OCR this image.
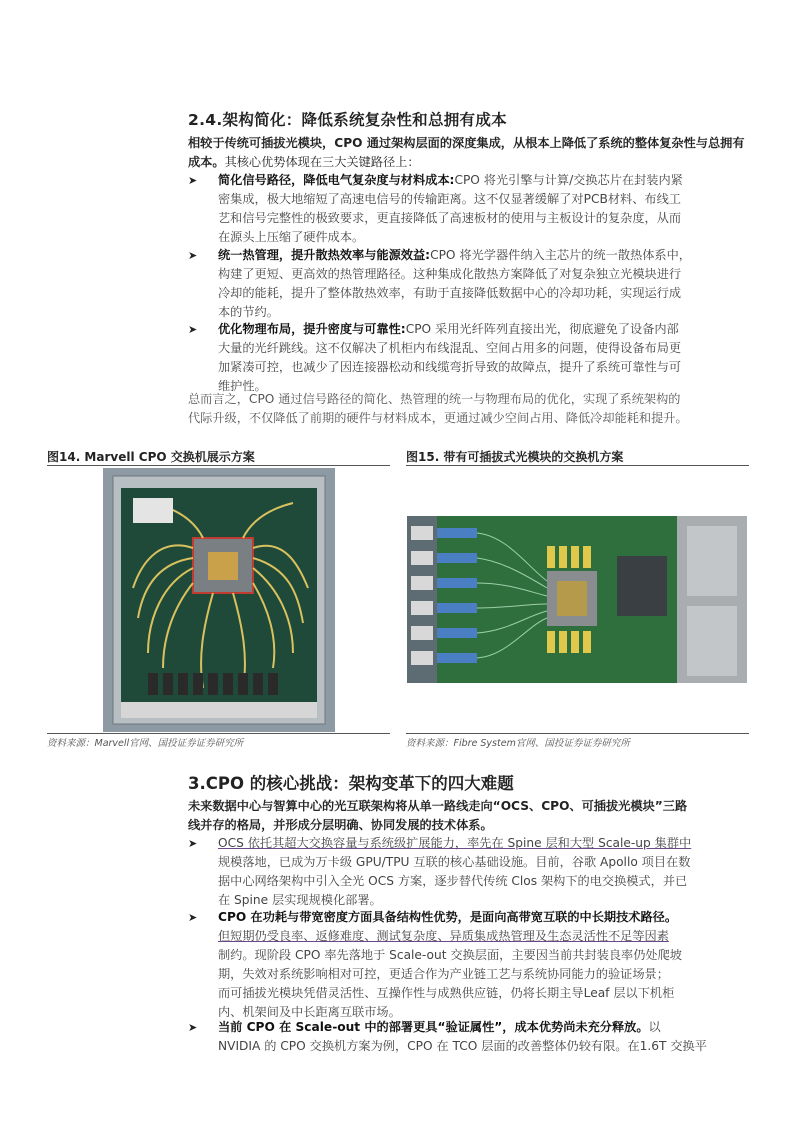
2.4.架构简化：降低系统复杂性和总拥有成本
相较于传统可插拔光模块，CPO 通过架构层面的深度集成，从根本上降低了系统的整体复杂性与总拥有成本。其核心优势体现在三大关键路径上：
➤	简化信号路径，降低电气复杂度与材料成本:CPO 将光引擎与计算/交换芯片在封装内紧
密集成，极大地缩短了高速电信号的传输距离。这不仅显著缓解了对PCB材料、布线工
艺和信号完整性的极致要求，更直接降低了高速板材的使用与主板设计的复杂度，从而
在源头上压缩了硬件成本。
➤	统一热管理，提升散热效率与能源效益:CPO 将光学器件纳入主芯片的统一散热体系中，
构建了更短、更高效的热管理路径。这种集成化散热方案降低了对复杂独立光模块进行
冷却的能耗，提升了整体散热效率，有助于直接降低数据中心的冷却功耗，实现运行成
本的节约。
➤	优化物理布局，提升密度与可靠性:CPO 采用光纤阵列直接出光，彻底避免了设备内部
大量的光纤跳线。这不仅解决了机柜内布线混乱、空间占用多的问题，使得设备布局更
加紧凑可控，也减少了因连接器松动和线缆弯折导致的故障点，提升了系统可靠性与可
维护性。
总而言之，CPO 通过信号路径的简化、热管理的统一与物理布局的优化，实现了系统架构的
代际升级，不仅降低了前期的硬件与材料成本，更通过减少空间占用、降低冷却能耗和提升。
图14. Marvell CPO 交换机展示方案
资料来源：Marvell官网、国投证券证券研究所
图15. 带有可插拔式光模块的交换机方案
资料来源：Fibre System官网、国投证券证券研究所
3.CPO 的核心挑战：架构变革下的四大难题
未来数据中心与智算中心的光互联架构将从单一路线走向“OCS、CPO、可插拔光模块”三路
线并存的格局，并形成分层明确、协同发展的技术体系。
➤	OCS 依托其超大交换容量与系统级扩展能力，率先在 Spine 层和大型 Scale-up 集群中
规模落地，已成为万卡级 GPU/TPU 互联的核心基础设施。目前，谷歌 Apollo 项目在数
据中心网络架构中引入全光 OCS 方案，逐步替代传统 Clos 架构下的电交换模式，并已
在 Spine 层实现规模化部署。
➤	CPO 在功耗与带宽密度方面具备结构性优势，是面向高带宽互联的中长期技术路径。
但短期仍受良率、返修难度、测试复杂度、异质集成热管理及生态灵活性不足等因素
制约。现阶段 CPO 率先落地于 Scale-out 交换层面，主要因当前共封装良率仍处爬坡
期，失效对系统影响相对可控，更适合作为产业链工艺与系统协同能力的验证场景；
而可插拔光模块凭借灵活性、互操作性与成熟供应链，仍将长期主导Leaf 层以下机柜
内、机架间及中长距离互联市场。
➤	当前 CPO 在 Scale-out 中的部署更具“验证属性”，成本优势尚未充分释放。以
NVIDIA 的 CPO 交换机方案为例，CPO 在 TCO 层面的改善整体仍较有限。在1.6T 交换平
